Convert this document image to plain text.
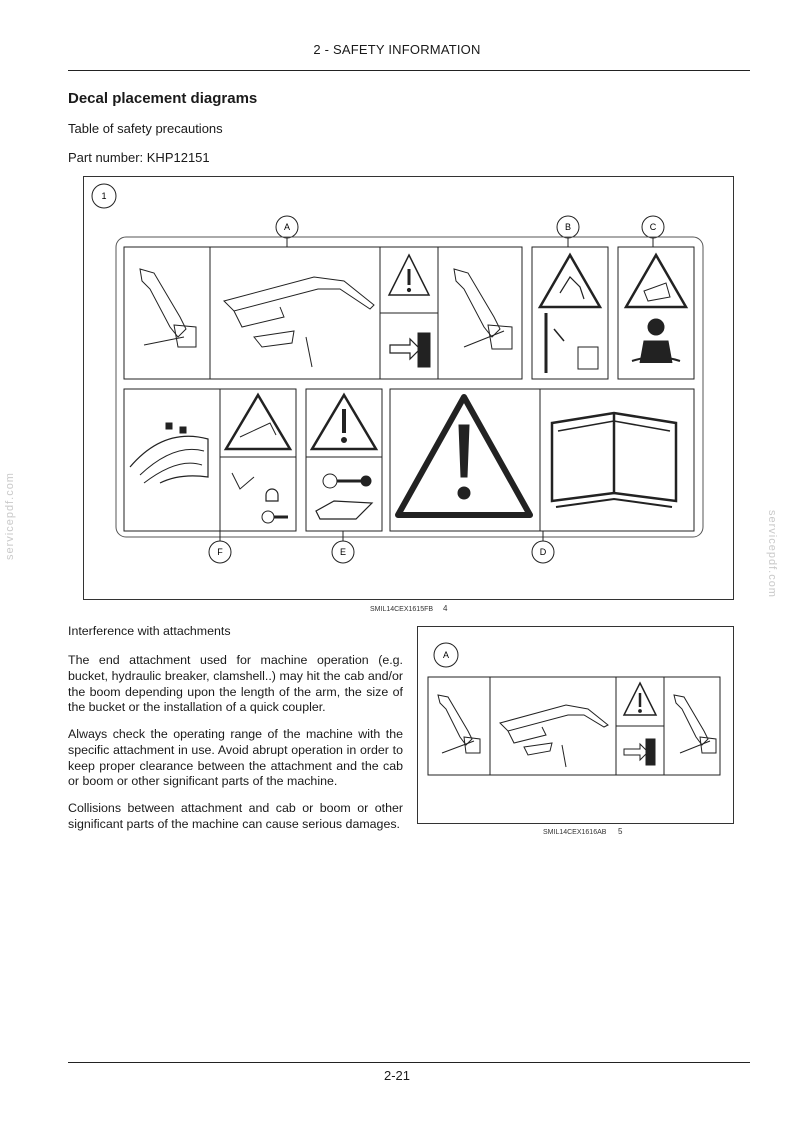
2 - SAFETY INFORMATION
Decal placement diagrams
Table of safety precautions
Part number: KHP12151
1
A	B	C
F	E	D
SMIL14CEX1615FB 4
Interference with attachments
The end attachment used for machine operation (e.g. bucket, hydraulic breaker, clamshell..) may hit the cab and/or the boom depending upon the length of the arm, the size of the bucket or the installation of a quick coupler.
Always check the operating range of the machine with the specific attachment in use. Avoid abrupt operation in order to keep proper clearance between the attachment and the cab or boom or other significant parts of the machine.
Collisions between attachment and cab or boom or other significant parts of the machine can cause serious damages.
A
SMIL14CEX1616AB 5
servicepdf.com	servicepdf.com
2-21
